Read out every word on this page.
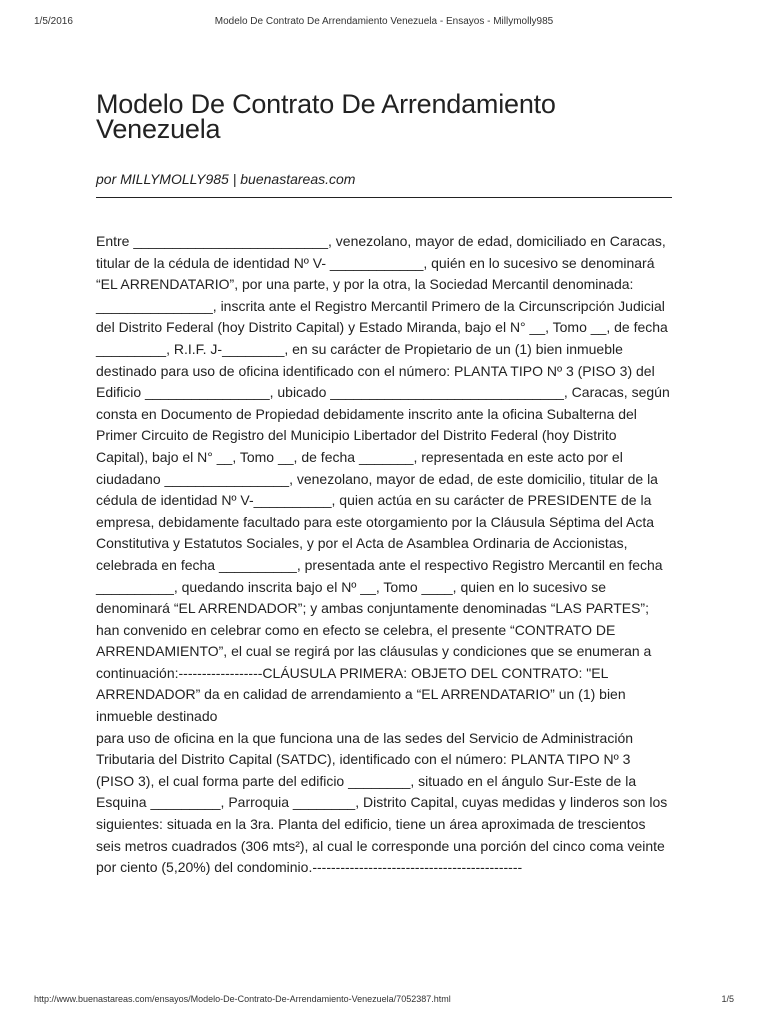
1/5/2016	Modelo De Contrato De Arrendamiento Venezuela - Ensayos - Millymolly985
Modelo De Contrato De Arrendamiento Venezuela
por MILLYMOLLY985 | buenastareas.com

Entre _________________________, venezolano, mayor de edad, domiciliado en Caracas, titular de la cédula de identidad Nº V- ____________, quién en lo sucesivo se denominará “EL ARRENDATARIO”, por una parte, y por la otra, la Sociedad Mercantil denominada: _______________, inscrita ante el Registro Mercantil Primero de la Circunscripción Judicial del Distrito Federal (hoy Distrito Capital) y Estado Miranda, bajo el N° __, Tomo __, de fecha _________, R.I.F. J-________, en su carácter de Propietario de un (1) bien inmueble destinado para uso de oficina identificado con el número: PLANTA TIPO Nº 3 (PISO 3) del Edificio ________________, ubicado ______________________________, Caracas, según consta en Documento de Propiedad debidamente inscrito ante la oficina Subalterna del Primer Circuito de Registro del Municipio Libertador del Distrito Federal (hoy Distrito Capital), bajo el N° __, Tomo __, de fecha _______, representada en este acto por el ciudadano ________________, venezolano, mayor de edad, de este domicilio, titular de la cédula de identidad Nº V-__________, quien actúa en su carácter de PRESIDENTE de la empresa, debidamente facultado para este otorgamiento por la Cláusula Séptima del Acta Constitutiva y Estatutos Sociales, y por el Acta de Asamblea Ordinaria de Accionistas, celebrada en fecha __________, presentada ante el respectivo Registro Mercantil en fecha __________, quedando inscrita bajo el Nº __, Tomo ____, quien en lo sucesivo se denominará “EL ARRENDADOR”; y ambas conjuntamente denominadas “LAS PARTES”; han convenido en celebrar como en efecto se celebra, el presente “CONTRATO DE ARRENDAMIENTO”, el cual se regirá por las cláusulas y condiciones que se enumeran a continuación:------------------CLÁUSULA PRIMERA: OBJETO DEL CONTRATO: "EL ARRENDADOR” da en calidad de arrendamiento a “EL ARRENDATARIO” un (1) bien inmueble destinado

para uso de oficina en la que funciona una de las sedes del Servicio de Administración Tributaria del Distrito Capital (SATDC), identificado con el número: PLANTA TIPO Nº 3 (PISO 3), el cual forma parte del edificio ________, situado en el ángulo Sur-Este de la Esquina _________, Parroquia ________, Distrito Capital, cuyas medidas y linderos son los siguientes: situada en la 3ra. Planta del edificio, tiene un área aproximada de trescientos seis metros cuadrados (306 mts²), al cual le corresponde una porción del cinco coma veinte por ciento (5,20%) del condominio.---------------------------------------------

http://www.buenastareas.com/ensayos/Modelo-De-Contrato-De-Arrendamiento-Venezuela/7052387.html	1/5
